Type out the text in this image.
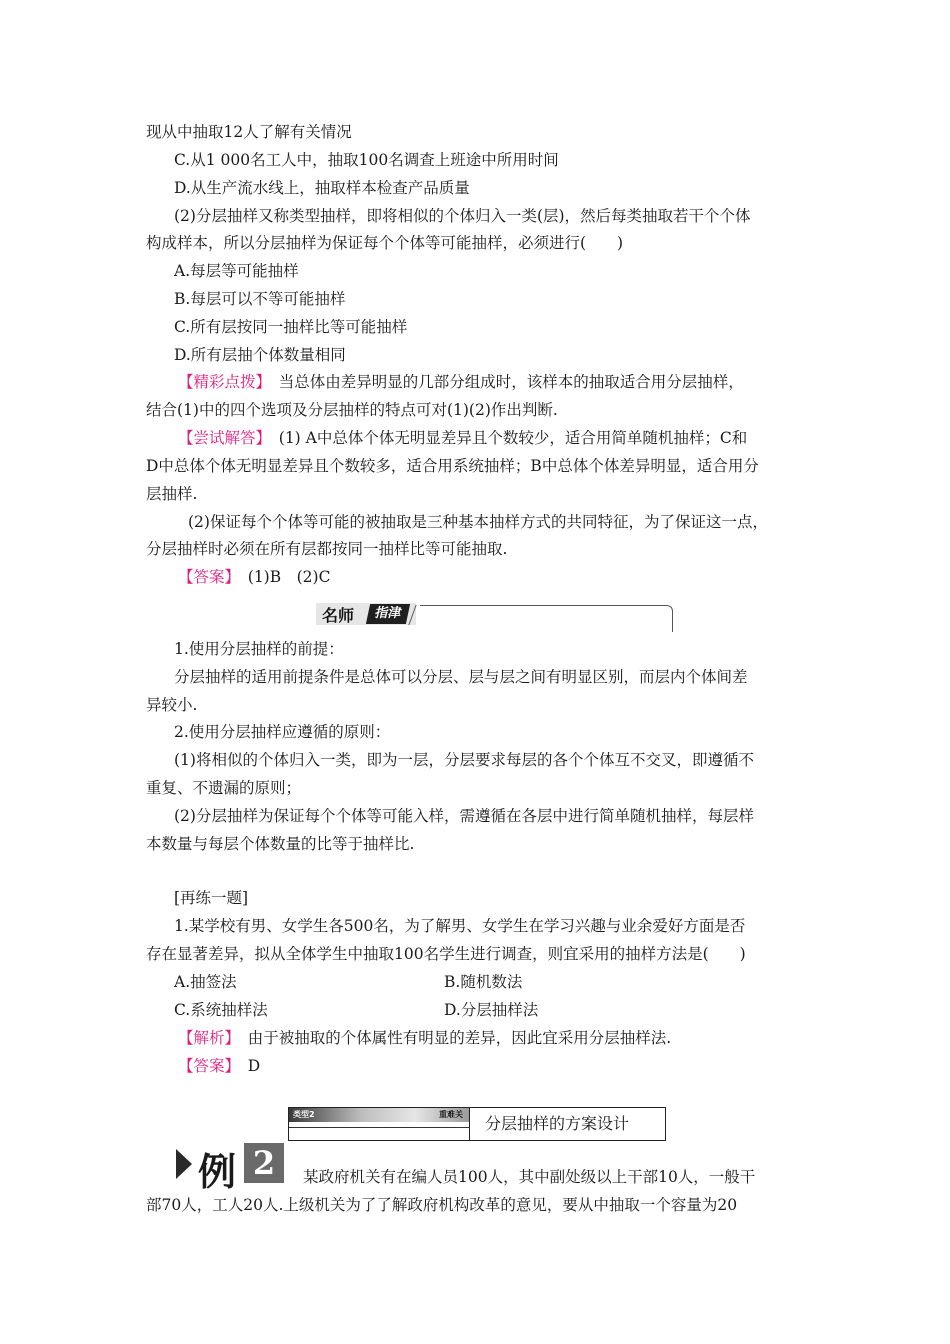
现从中抽取12人了解有关情况
C.从1 000名工人中，抽取100名调查上班途中所用时间
D.从生产流水线上，抽取样本检查产品质量
(2)分层抽样又称类型抽样，即将相似的个体归入一类(层)，然后每类抽取若干个个体
构成样本，所以分层抽样为保证每个个体等可能抽样，必须进行(　　)
A.每层等可能抽样
B.每层可以不等可能抽样
C.所有层按同一抽样比等可能抽样
D.所有层抽个体数量相同
【精彩点拨】　当总体由差异明显的几部分组成时，该样本的抽取适合用分层抽样，
结合(1)中的四个选项及分层抽样的特点可对(1)(2)作出判断.
【尝试解答】　(1) A中总体个体无明显差异且个数较少，适合用简单随机抽样；C和
D中总体个体无明显差异且个数较多，适合用系统抽样；B中总体个体差异明显，适合用分
层抽样.
(2)保证每个个体等可能的被抽取是三种基本抽样方式的共同特征，为了保证这一点，
分层抽样时必须在所有层都按同一抽样比等可能抽取.
【答案】　(1)B　(2)C
名师	指津
1.使用分层抽样的前提：
分层抽样的适用前提条件是总体可以分层、层与层之间有明显区别，而层内个体间差
异较小.
2.使用分层抽样应遵循的原则：
(1)将相似的个体归入一类，即为一层，分层要求每层的各个个体互不交叉，即遵循不
重复、不遗漏的原则；
(2)分层抽样为保证每个个体等可能入样，需遵循在各层中进行简单随机抽样，每层样
本数量与每层个体数量的比等于抽样比.
[再练一题]
1.某学校有男、女学生各500名，为了解男、女学生在学习兴趣与业余爱好方面是否
存在显著差异，拟从全体学生中抽取100名学生进行调查，则宜采用的抽样方法是(　　)
A.抽签法	B.随机数法
C.系统抽样法	D.分层抽样法
【解析】　由于被抽取的个体属性有明显的差异，因此宜采用分层抽样法.
【答案】　D
类型2	重难关 分层抽样的方案设计
例 2	某政府机关有在编人员100人，其中副处级以上干部10人，一般干
部70人，工人20人.上级机关为了了解政府机构改革的意见，要从中抽取一个容量为20
